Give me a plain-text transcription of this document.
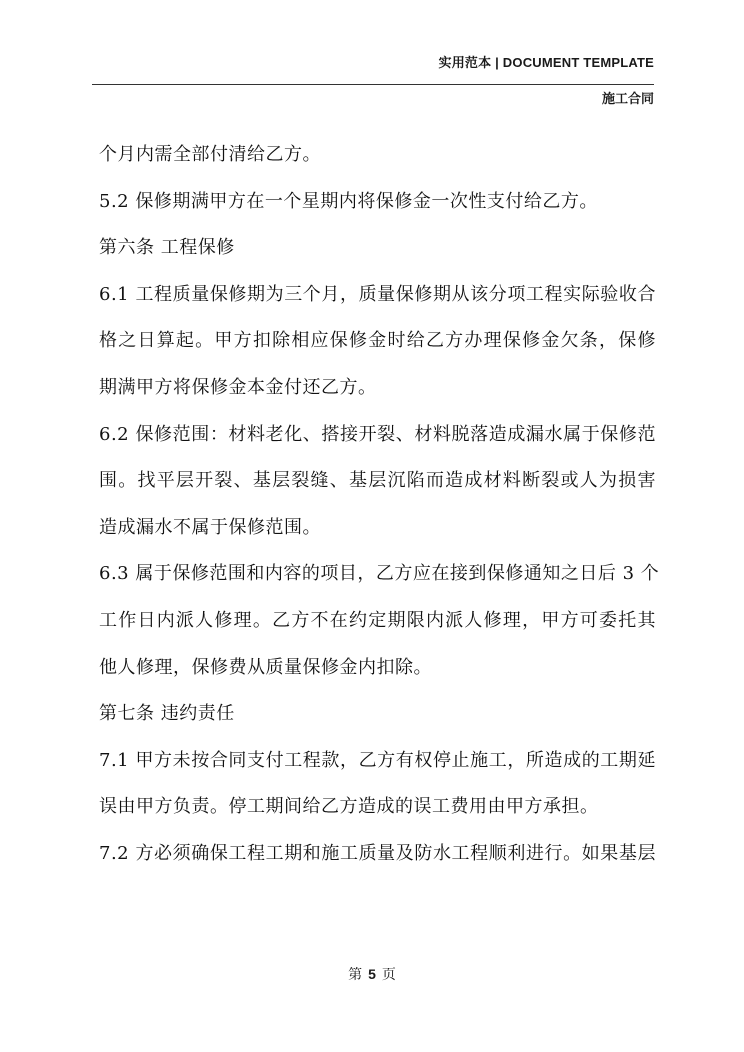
实用范本 | DOCUMENT TEMPLATE
施工合同
个月内需全部付清给乙方。
5.2 保修期满甲方在一个星期内将保修金一次性支付给乙方。
第六条 工程保修
6.1 工程质量保修期为三个月，质量保修期从该分项工程实际验收合
格之日算起。甲方扣除相应保修金时给乙方办理保修金欠条，保修
期满甲方将保修金本金付还乙方。
6.2 保修范围：材料老化、搭接开裂、材料脱落造成漏水属于保修范
围。找平层开裂、基层裂缝、基层沉陷而造成材料断裂或人为损害
造成漏水不属于保修范围。
6.3 属于保修范围和内容的项目，乙方应在接到保修通知之日后 3 个
工作日内派人修理。乙方不在约定期限内派人修理，甲方可委托其
他人修理，保修费从质量保修金内扣除。
第七条 违约责任
7.1 甲方未按合同支付工程款，乙方有权停止施工，所造成的工期延
误由甲方负责。停工期间给乙方造成的误工费用由甲方承担。
7.2 方必须确保工程工期和施工质量及防水工程顺利进行。如果基层
第 5 页
